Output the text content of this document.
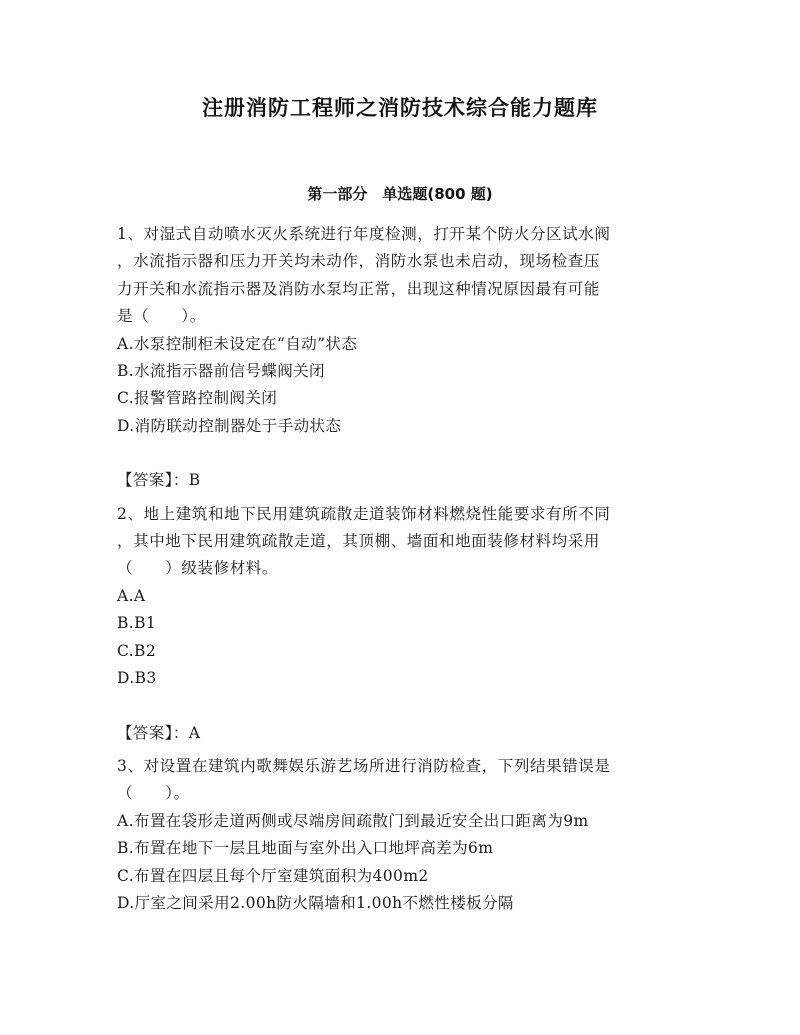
注册消防工程师之消防技术综合能力题库
第一部分　单选题(800 题)

1、对湿式自动喷水灭火系统进行年度检测，打开某个防火分区试水阀

，水流指示器和压力开关均未动作，消防水泵也未启动，现场检查压

力开关和水流指示器及消防水泵均正常，出现这种情况原因最有可能

是（　　）。

A.水泵控制柜未设定在“自动”状态

B.水流指示器前信号蝶阀关闭

C.报警管路控制阀关闭

D.消防联动控制器处于手动状态

【答案】：B

2、地上建筑和地下民用建筑疏散走道装饰材料燃烧性能要求有所不同

，其中地下民用建筑疏散走道，其顶棚、墙面和地面装修材料均采用

（　　）级装修材料。

A.A

B.B1

C.B2

D.B3

【答案】：A

3、对设置在建筑内歌舞娱乐游艺场所进行消防检查，下列结果错误是

（　　）。

A.布置在袋形走道两侧或尽端房间疏散门到最近安全出口距离为9m

B.布置在地下一层且地面与室外出入口地坪高差为6m

C.布置在四层且每个厅室建筑面积为400m2

D.厅室之间采用2.00h防火隔墙和1.00h不燃性楼板分隔
